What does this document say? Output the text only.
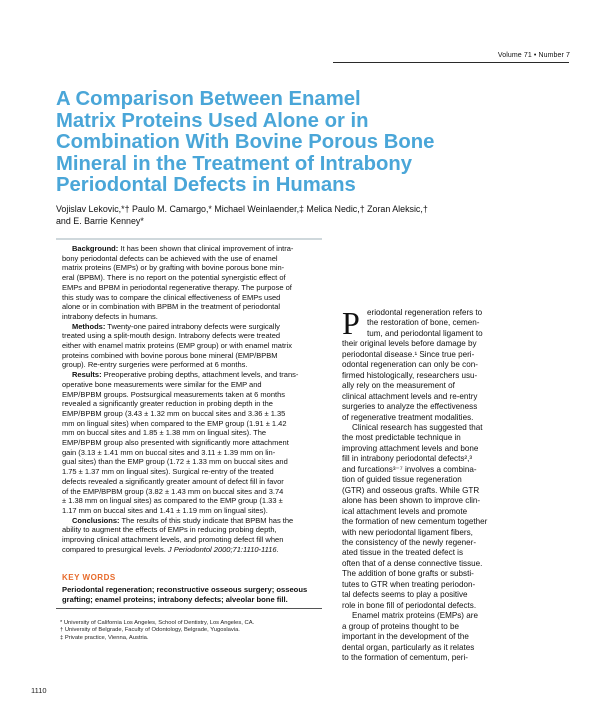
Volume 71 • Number 7
A Comparison Between Enamel
Matrix Proteins Used Alone or in
Combination With Bovine Porous Bone
Mineral in the Treatment of Intrabony
Periodontal Defects in Humans
Vojislav Lekovic,*† Paulo M. Camargo,* Michael Weinlaender,‡ Melica Nedic,† Zoran Aleksic,†
and E. Barrie Kenney*
Background: It has been shown that clinical improvement of intra-
bony periodontal defects can be achieved with the use of enamel
matrix proteins (EMPs) or by grafting with bovine porous bone min-
eral (BPBM). There is no report on the potential synergistic effect of
EMPs and BPBM in periodontal regenerative therapy. The purpose of
this study was to compare the clinical effectiveness of EMPs used
alone or in combination with BPBM in the treatment of periodontal
intrabony defects in humans.
Methods: Twenty-one paired intrabony defects were surgically
treated using a split-mouth design. Intrabony defects were treated
either with enamel matrix proteins (EMP group) or with enamel matrix
proteins combined with bovine porous bone mineral (EMP/BPBM
group). Re-entry surgeries were performed at 6 months.
Results: Preoperative probing depths, attachment levels, and trans-
operative bone measurements were similar for the EMP and
EMP/BPBM groups. Postsurgical measurements taken at 6 months
revealed a significantly greater reduction in probing depth in the
EMP/BPBM group (3.43 ± 1.32 mm on buccal sites and 3.36 ± 1.35
mm on lingual sites) when compared to the EMP group (1.91 ± 1.42
mm on buccal sites and 1.85 ± 1.38 mm on lingual sites). The
EMP/BPBM group also presented with significantly more attachment
gain (3.13 ± 1.41 mm on buccal sites and 3.11 ± 1.39 mm on lin-
gual sites) than the EMP group (1.72 ± 1.33 mm on buccal sites and
1.75 ± 1.37 mm on lingual sites). Surgical re-entry of the treated
defects revealed a significantly greater amount of defect fill in favor
of the EMP/BPBM group (3.82 ± 1.43 mm on buccal sites and 3.74
± 1.38 mm on lingual sites) as compared to the EMP group (1.33 ±
1.17 mm on buccal sites and 1.41 ± 1.19 mm on lingual sites).
Conclusions: The results of this study indicate that BPBM has the
ability to augment the effects of EMPs in reducing probing depth,
improving clinical attachment levels, and promoting defect fill when
compared to presurgical levels. J Periodontol 2000;71:1110-1116.
KEY WORDS
Periodontal regeneration; reconstructive osseous surgery; osseous
grafting; enamel proteins; intrabony defects; alveolar bone fill.
* University of California Los Angeles, School of Dentistry, Los Angeles, CA.
† University of Belgrade, Faculty of Odontology, Belgrade, Yugoslavia.
‡ Private practice, Vienna, Austria.
1110
P eriodontal regeneration refers to
the restoration of bone, cemen-
tum, and periodontal ligament to
their original levels before damage by
periodontal disease.¹ Since true peri-
odontal regeneration can only be con-
firmed histologically, researchers usu-
ally rely on the measurement of
clinical attachment levels and re-entry
surgeries to analyze the effectiveness
of regenerative treatment modalities.
Clinical research has suggested that
the most predictable technique in
improving attachment levels and bone
fill in intrabony periodontal defects²,³
and furcations³⁻⁷ involves a combina-
tion of guided tissue regeneration
(GTR) and osseous grafts. While GTR
alone has been shown to improve clin-
ical attachment levels and promote
the formation of new cementum together
with new periodontal ligament fibers,
the consistency of the newly regener-
ated tissue in the treated defect is
often that of a dense connective tissue.
The addition of bone grafts or substi-
tutes to GTR when treating periodon-
tal defects seems to play a positive
role in bone fill of periodontal defects.
Enamel matrix proteins (EMPs) are
a group of proteins thought to be
important in the development of the
dental organ, particularly as it relates
to the formation of cementum, peri-
